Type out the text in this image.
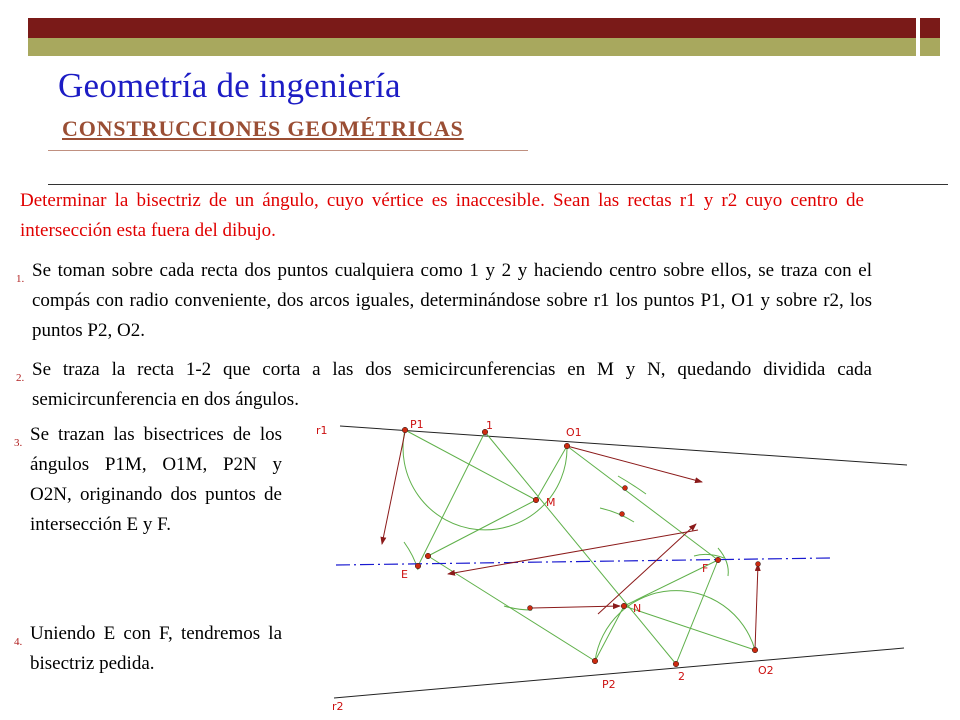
Geometría de ingeniería
CONSTRUCCIONES GEOMÉTRICAS

Determinar la bisectriz de un ángulo, cuyo vértice es inaccesible. Sean las rectas r1 y r2 cuyo centro de intersección esta fuera del dibujo.

1. Se toman sobre cada recta dos puntos cualquiera como 1 y 2 y haciendo centro sobre ellos, se traza con el compás con radio conveniente, dos arcos iguales, determinándose sobre r1 los puntos P1, O1 y sobre r2, los puntos P2, O2.
2. Se traza la recta 1-2 que corta a las dos semicircunferencias en M y N, quedando dividida cada semicircunferencia en dos ángulos.
3. Se trazan las bisectrices de los ángulos P1M, O1M, P2N y O2N, originando dos puntos de intersección E y F.
4. Uniendo E con F, tendremos la bisectriz pedida.
r1
r2
P1	1
O1
M
E	F
N
P2
2	O2
